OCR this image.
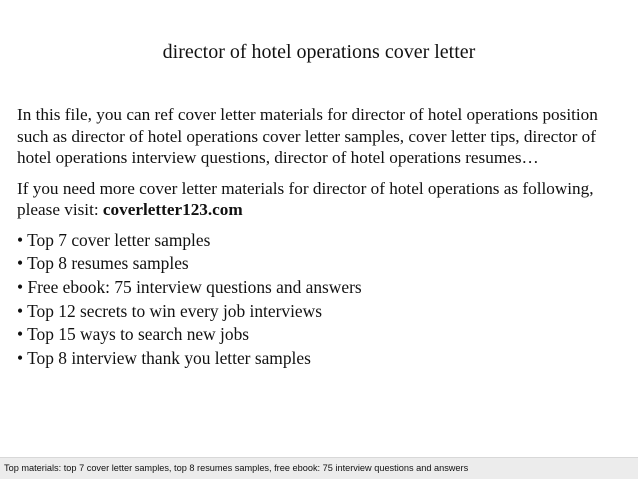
director of hotel operations cover letter

In this file, you can ref cover letter materials for director of hotel operations position
such as director of hotel operations cover letter samples, cover letter tips, director of
hotel operations interview questions, director of hotel operations resumes…

If you need more cover letter materials for director of hotel operations as following,
please visit: coverletter123.com

• Top 7 cover letter samples
• Top 8 resumes samples
• Free ebook: 75 interview questions and answers
• Top 12 secrets to win every job interviews
• Top 15 ways to search new jobs
• Top 8 interview thank you letter samples
Top materials: top 7 cover letter samples, top 8 resumes samples, free ebook: 75 interview questions and answers
